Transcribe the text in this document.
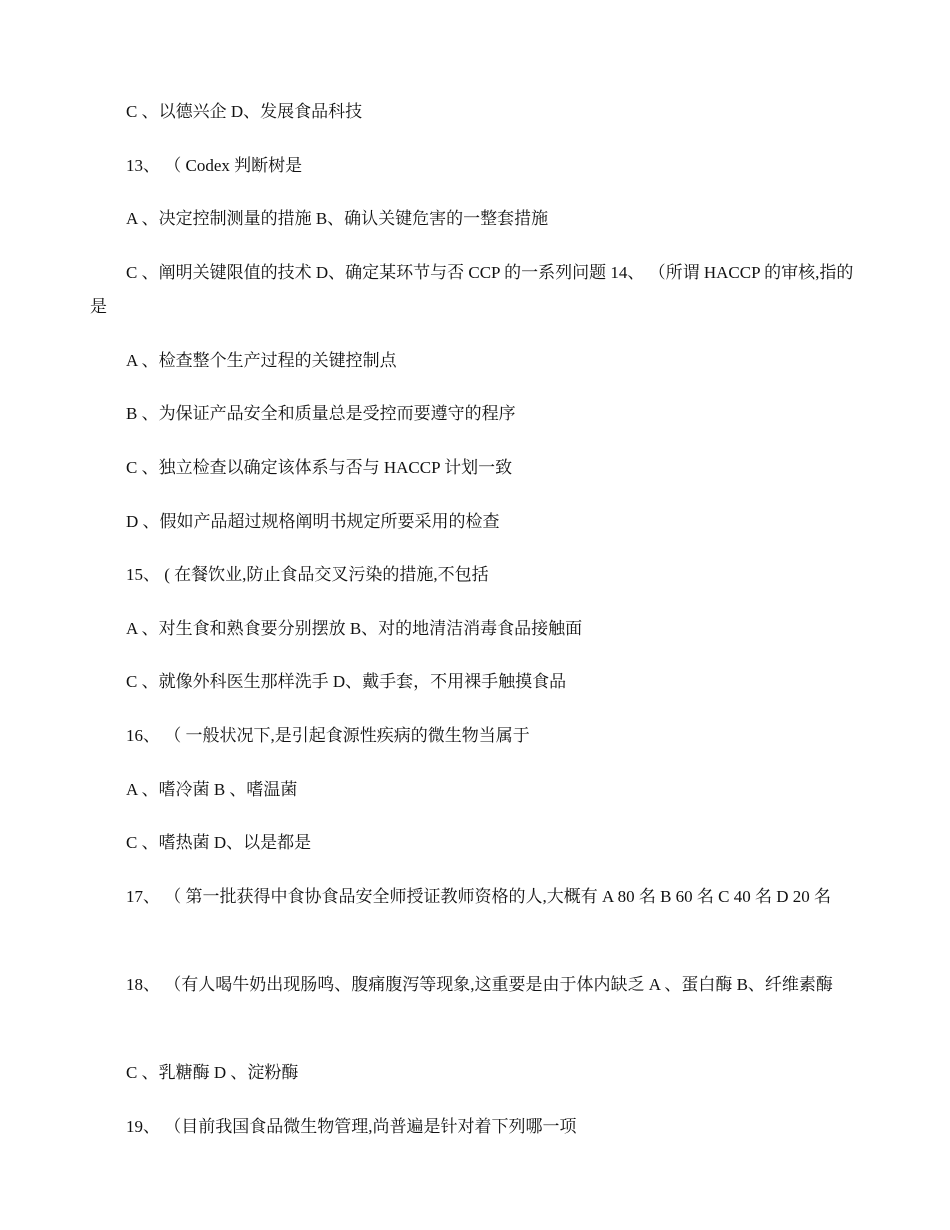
C 、以德兴企 D、发展食品科技
13、 （ Codex 判断树是
A 、决定控制测量的措施 B、确认关键危害的一整套措施
C 、阐明关键限值的技术 D、确定某环节与否 CCP 的一系列问题 14、 （所谓 HACCP 的审核,指的是
A 、检查整个生产过程的关键控制点
B 、为保证产品安全和质量总是受控而要遵守的程序
C 、独立检查以确定该体系与否与 HACCP 计划一致
D 、假如产品超过规格阐明书规定所要采用的检查
15、 ( 在餐饮业,防止食品交叉污染的措施,不包括
A 、对生食和熟食要分别摆放 B、对的地清洁消毒食品接触面
C 、就像外科医生那样洗手 D、戴手套，不用裸手触摸食品
16、 （ 一般状况下,是引起食源性疾病的微生物当属于
A 、嗜冷菌 B 、嗜温菌
C 、嗜热菌 D、以是都是
17、 （ 第一批获得中食协食品安全师授证教师资格的人,大概有 A 80 名 B 60 名 C 40 名 D 20 名
18、 （有人喝牛奶出现肠鸣、腹痛腹泻等现象,这重要是由于体内缺乏 A 、蛋白酶 B、纤维素酶
C 、乳糖酶 D 、淀粉酶
19、 （目前我国食品微生物管理,尚普遍是针对着下列哪一项
